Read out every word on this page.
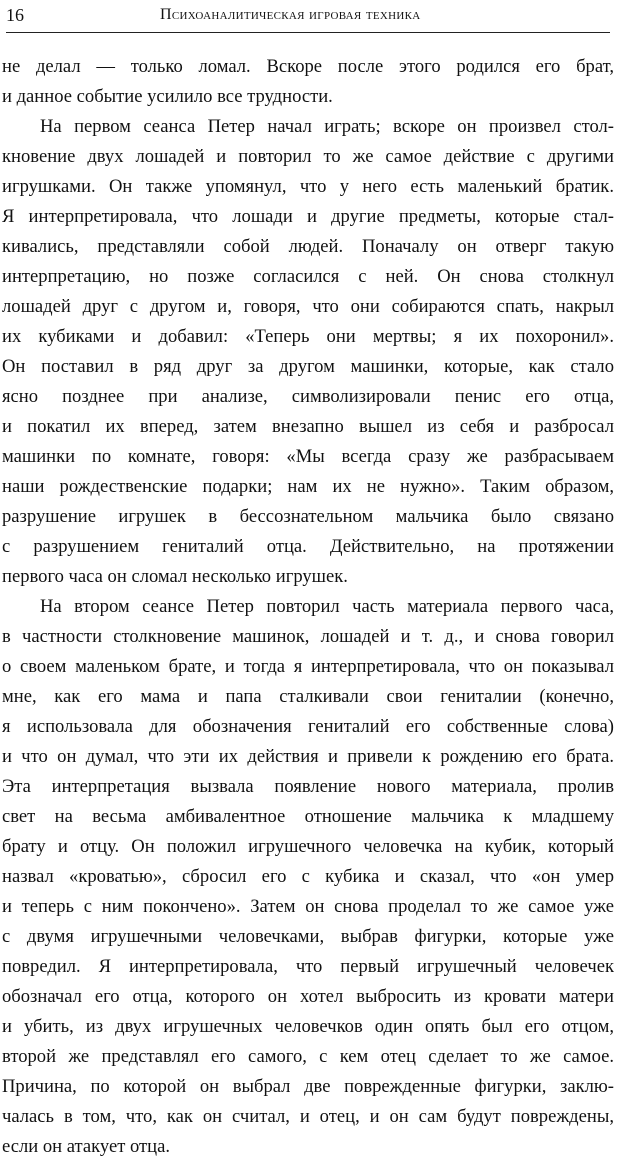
16	Психоаналитическая игровая техника
не делал — только ломал. Вскоре после этого родился его брат,
и данное событие усилило все трудности.
На первом сеанса Петер начал играть; вскоре он произвел стол-
кновение двух лошадей и повторил то же самое действие с другими
игрушками. Он также упомянул, что у него есть маленький братик.
Я интерпретировала, что лошади и другие предметы, которые стал-
кивались, представляли собой людей. Поначалу он отверг такую
интерпретацию, но позже согласился с ней. Он снова столкнул
лошадей друг с другом и, говоря, что они собираются спать, накрыл
их кубиками и добавил: «Теперь они мертвы; я их похоронил».
Он поставил в ряд друг за другом машинки, которые, как стало
ясно позднее при анализе, символизировали пенис его отца,
и покатил их вперед, затем внезапно вышел из себя и разбросал
машинки по комнате, говоря: «Мы всегда сразу же разбрасываем
наши рождественские подарки; нам их не нужно». Таким образом,
разрушение игрушек в бессознательном мальчика было связано
с разрушением гениталий отца. Действительно, на протяжении
первого часа он сломал несколько игрушек.
На втором сеансе Петер повторил часть материала первого часа,
в частности столкновение машинок, лошадей и т. д., и снова говорил
о своем маленьком брате, и тогда я интерпретировала, что он показывал
мне, как его мама и папа сталкивали свои гениталии (конечно,
я использовала для обозначения гениталий его собственные слова)
и что он думал, что эти их действия и привели к рождению его брата.
Эта интерпретация вызвала появление нового материала, пролив
свет на весьма амбивалентное отношение мальчика к младшему
брату и отцу. Он положил игрушечного человечка на кубик, который
назвал «кроватью», сбросил его с кубика и сказал, что «он умер
и теперь с ним покончено». Затем он снова проделал то же самое уже
с двумя игрушечными человечками, выбрав фигурки, которые уже
повредил. Я интерпретировала, что первый игрушечный человечек
обозначал его отца, которого он хотел выбросить из кровати матери
и убить, из двух игрушечных человечков один опять был его отцом,
второй же представлял его самого, с кем отец сделает то же самое.
Причина, по которой он выбрал две поврежденные фигурки, заклю-
чалась в том, что, как он считал, и отец, и он сам будут повреждены,
если он атакует отца.
